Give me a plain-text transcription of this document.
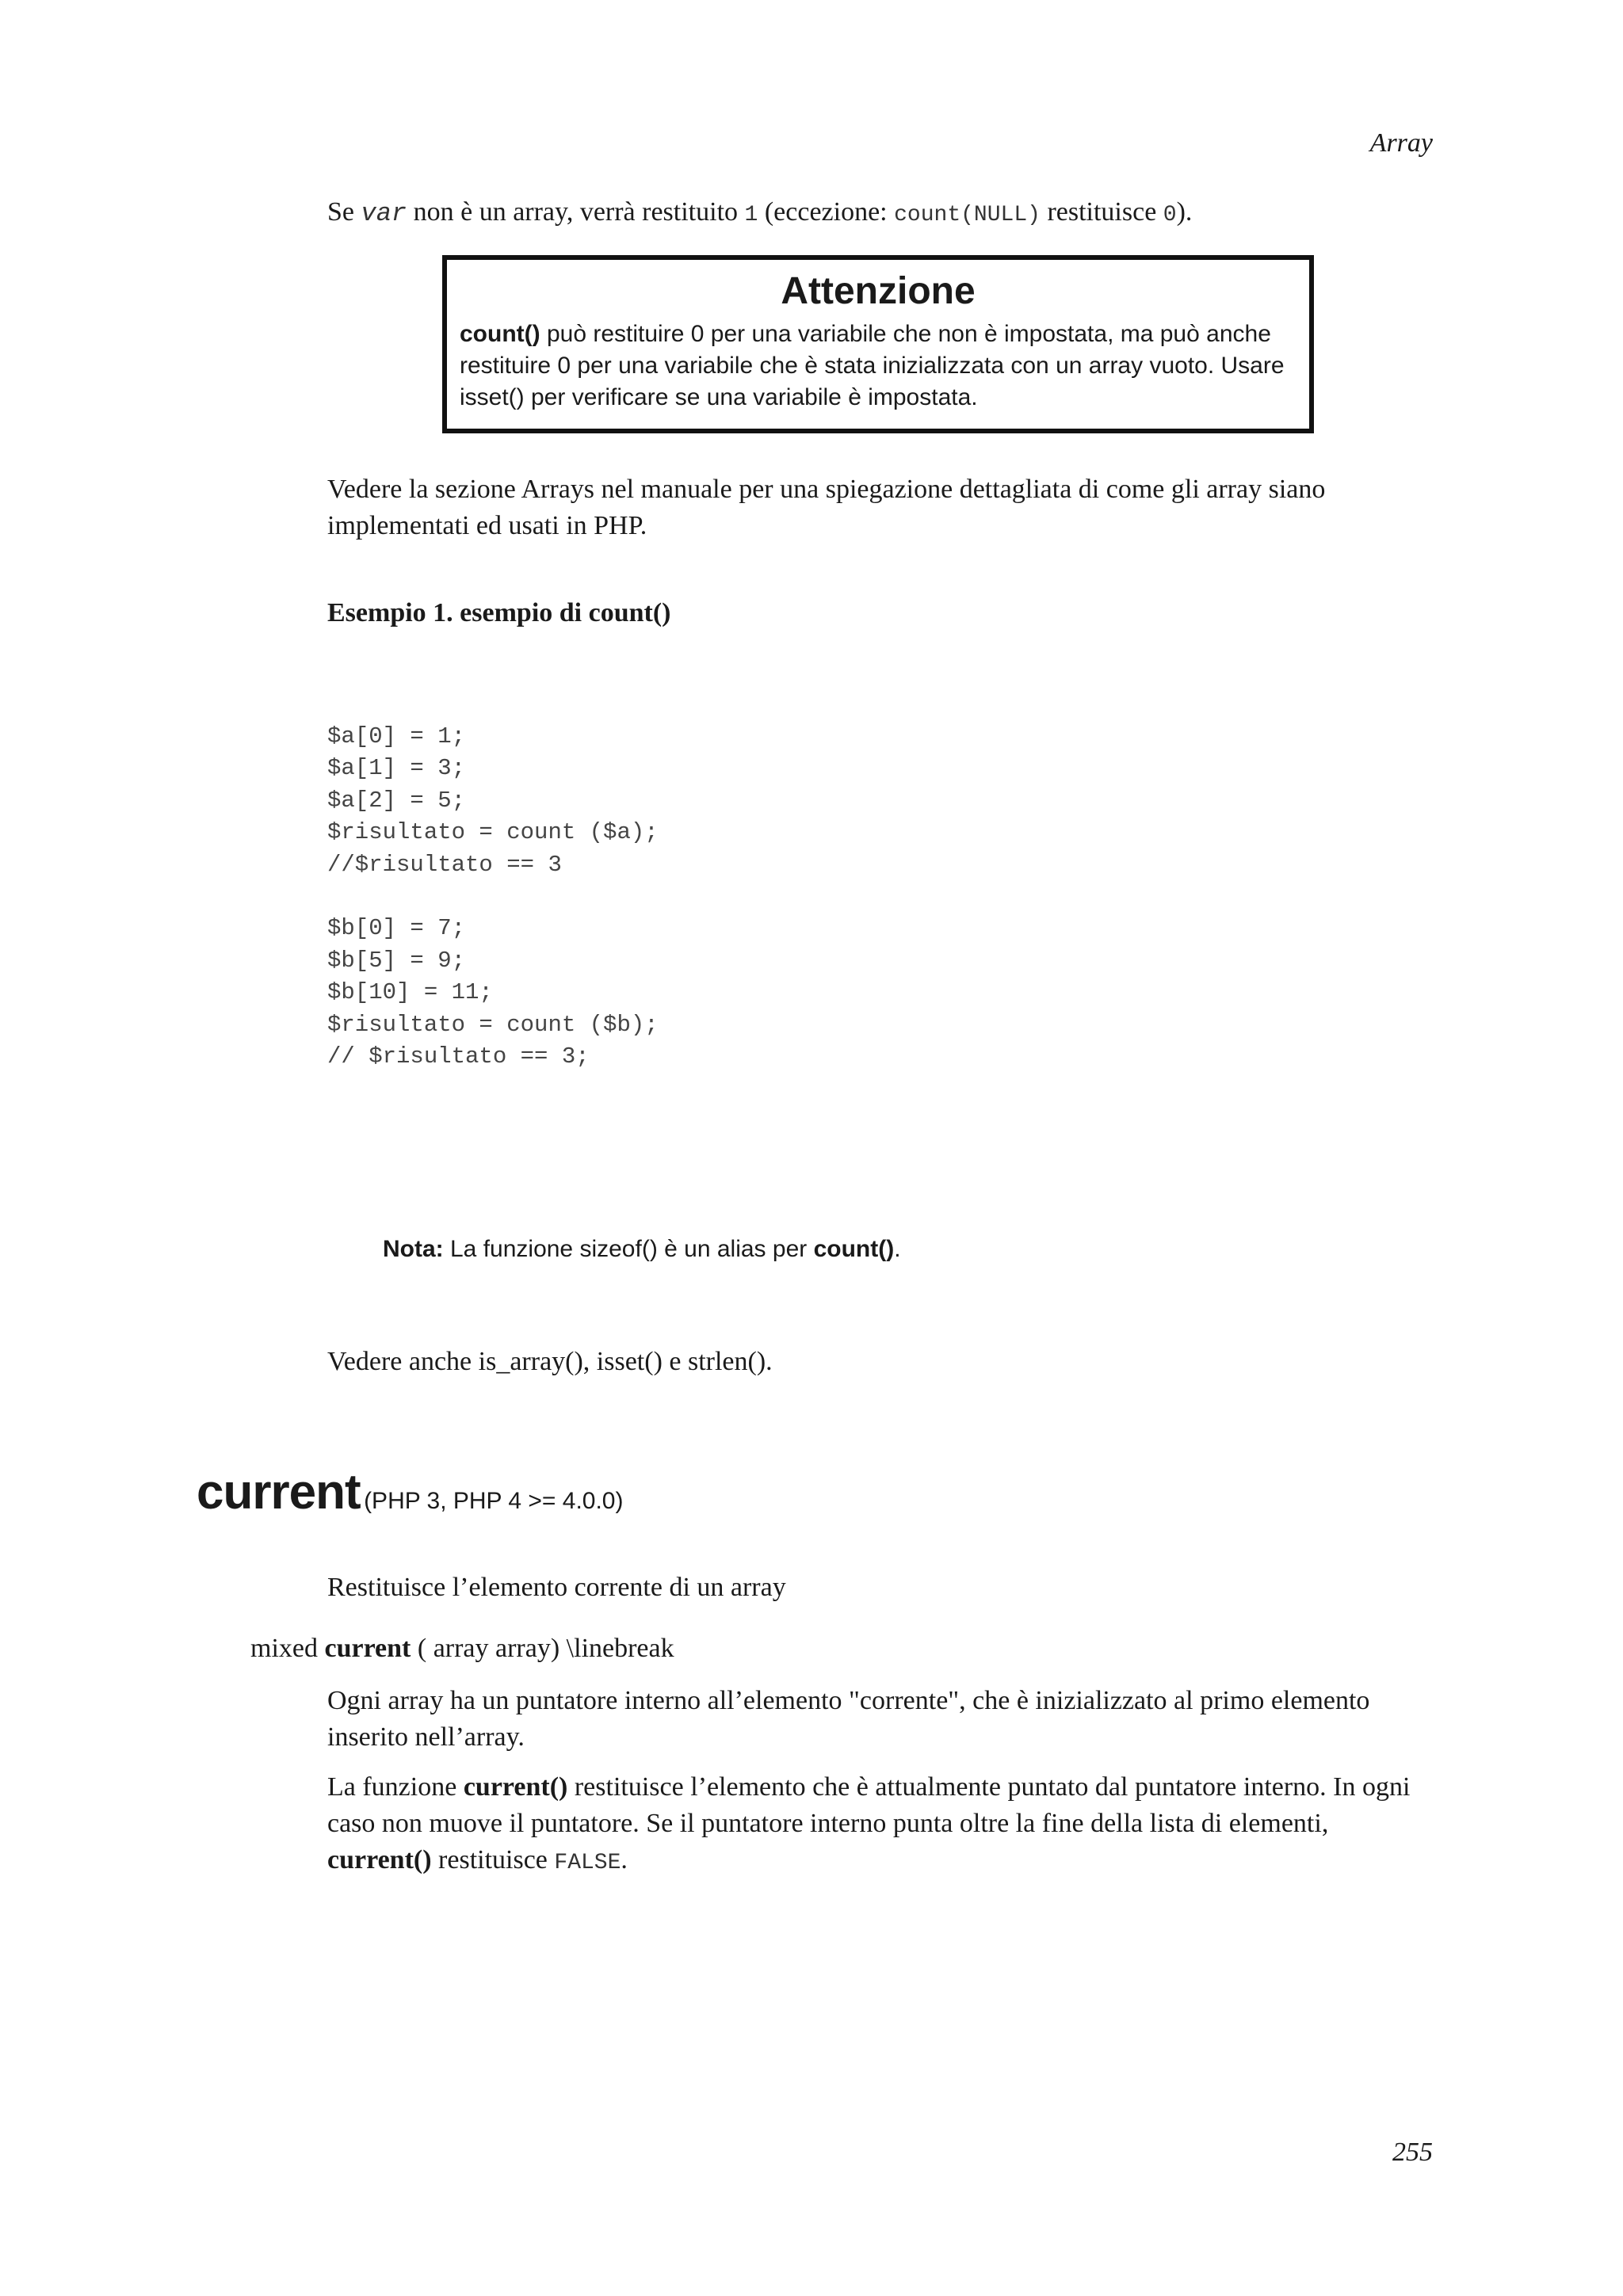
Array
Se var non è un array, verrà restituito 1 (eccezione: count(NULL) restituisce 0).
Attenzione
count() può restituire 0 per una variabile che non è impostata, ma può anche restituire 0 per una variabile che è stata inizializzata con un array vuoto. Usare isset() per verificare se una variabile è impostata.
Vedere la sezione Arrays nel manuale per una spiegazione dettagliata di come gli array siano implementati ed usati in PHP.
Esempio 1. esempio di count()
$a[0] = 1;
$a[1] = 3;
$a[2] = 5;
$risultato = count ($a);
//$risultato == 3

$b[0] = 7;
$b[5] = 9;
$b[10] = 11;
$risultato = count ($b);
// $risultato == 3;
Nota: La funzione sizeof() è un alias per count().
Vedere anche is_array(), isset() e strlen().
current (PHP 3, PHP 4 >= 4.0.0)
Restituisce l’elemento corrente di un array
mixed current ( array array) \linebreak
Ogni array ha un puntatore interno all’elemento "corrente", che è inizializzato al primo elemento inserito nell’array.
La funzione current() restituisce l’elemento che è attualmente puntato dal puntatore interno. In ogni caso non muove il puntatore. Se il puntatore interno punta oltre la fine della lista di elementi, current() restituisce FALSE.
255
